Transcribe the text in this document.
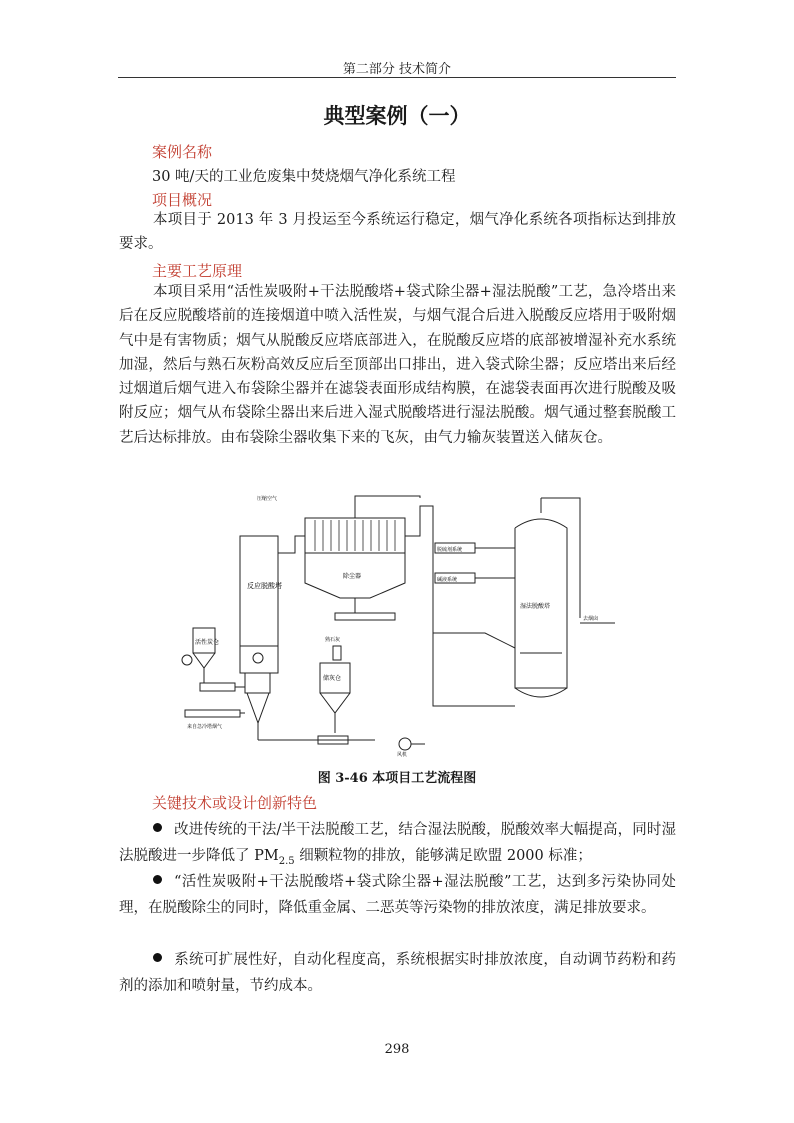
第二部分 技术简介
典型案例（一）
案例名称
30 吨/天的工业危废集中焚烧烟气净化系统工程
项目概况
本项目于 2013 年 3 月投运至今系统运行稳定，烟气净化系统各项指标达到排放要求。
主要工艺原理
本项目采用“活性炭吸附+干法脱酸塔+袋式除尘器+湿法脱酸”工艺，急冷塔出来后在反应脱酸塔前的连接烟道中喷入活性炭，与烟气混合后进入脱酸反应塔用于吸附烟气中是有害物质；烟气从脱酸反应塔底部进入，在脱酸反应塔的底部被增湿补充水系统加湿，然后与熟石灰粉高效反应后至顶部出口排出，进入袋式除尘器；反应塔出来后经过烟道后烟气进入布袋除尘器并在滤袋表面形成结构膜，在滤袋表面再次进行脱酸及吸附反应；烟气从布袋除尘器出来后进入湿式脱酸塔进行湿法脱酸。烟气通过整套脱酸工艺后达标排放。由布袋除尘器收集下来的飞灰，由气力输灰装置送入储灰仓。
反应脱酸塔
除尘器
活性炭仓
储灰仓
湿法脱酸塔
脱硫剂系统
碱液系统
去烟囱
来自急冷塔烟气
熟石灰
压缩空气
风机
图 3-46 本项目工艺流程图
关键技术或设计创新特色
改进传统的干法/半干法脱酸工艺，结合湿法脱酸，脱酸效率大幅提高，同时湿法脱酸进一步降低了 $PM_{2.5}$ 细颗粒物的排放，能够满足欧盟 2000 标准；
“活性炭吸附+干法脱酸塔+袋式除尘器+湿法脱酸”工艺，达到多污染协同处理，在脱酸除尘的同时，降低重金属、二恶英等污染物的排放浓度，满足排放要求。
系统可扩展性好，自动化程度高，系统根据实时排放浓度，自动调节药粉和药剂的添加和喷射量，节约成本。
298
